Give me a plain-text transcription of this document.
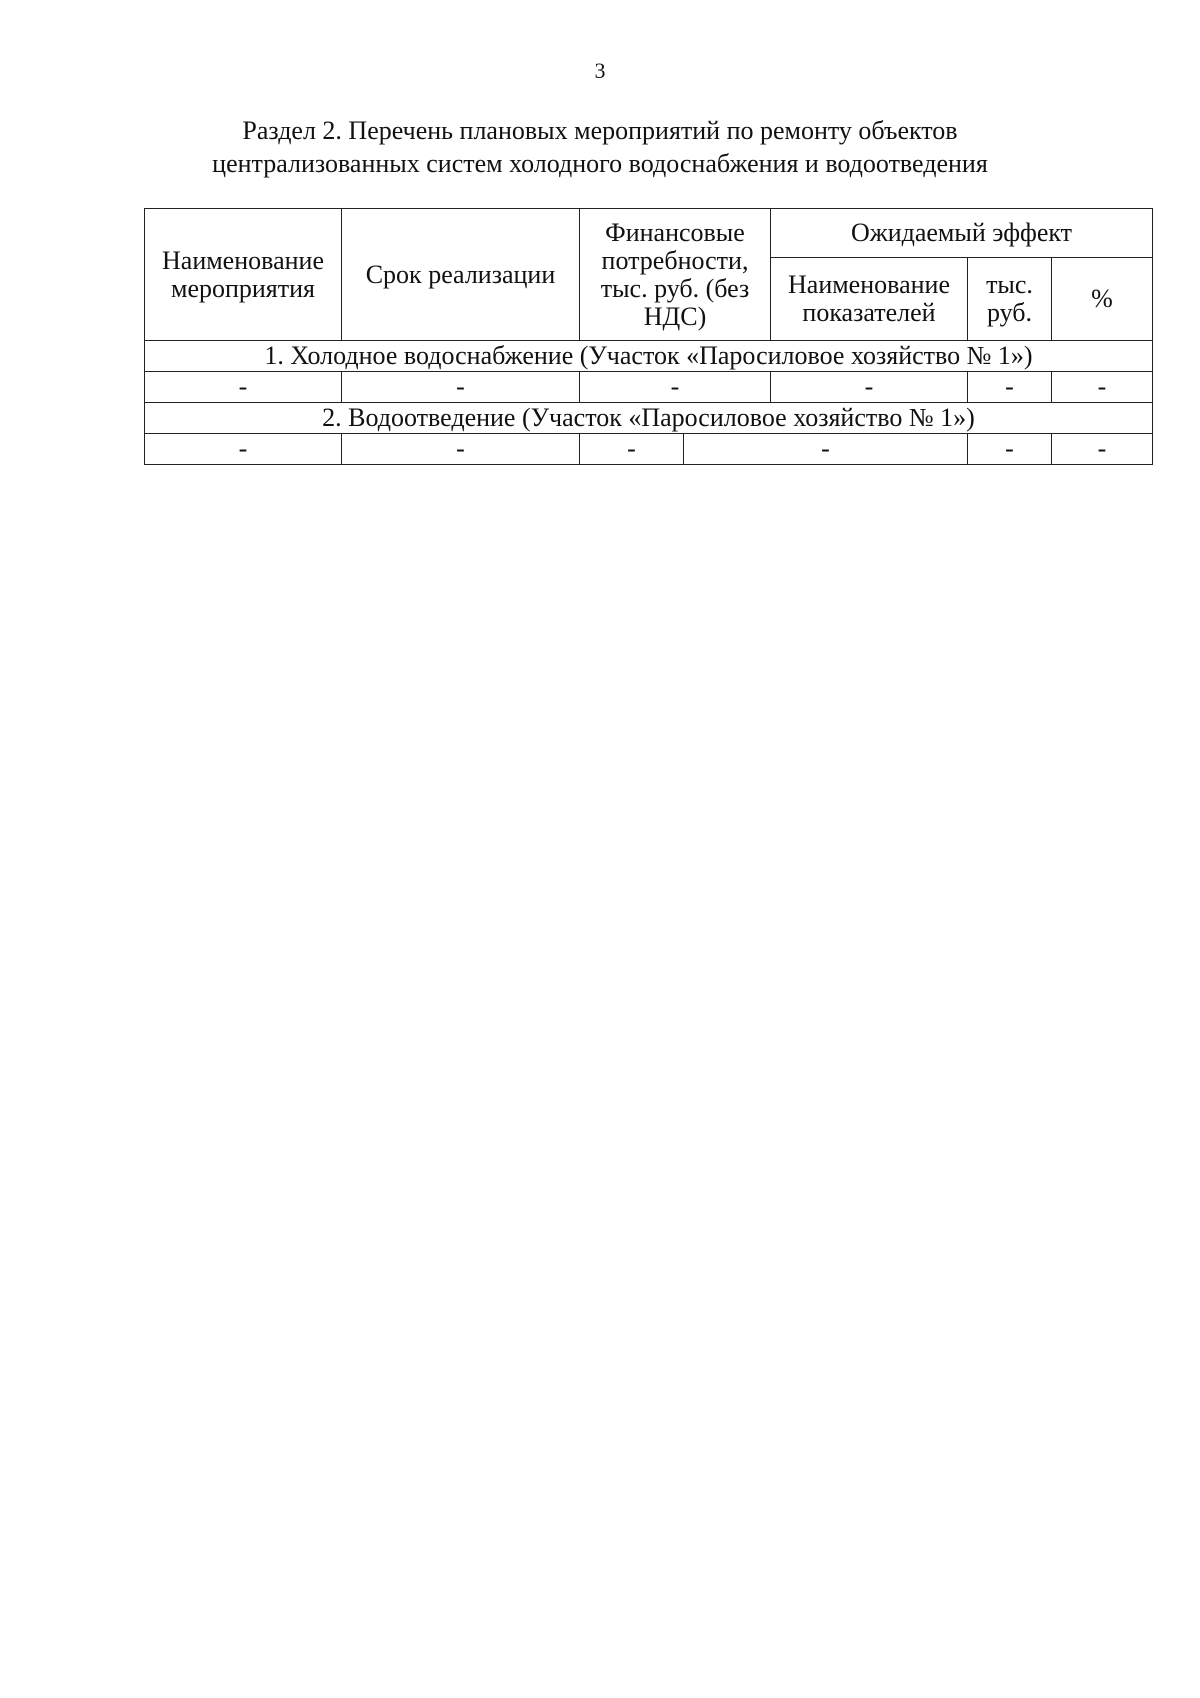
3
Раздел 2. Перечень плановых мероприятий по ремонту объектов
централизованных систем холодного водоснабжения и водоотведения
Наименование мероприятия	Срок реализации	Финансовые потребности, тыс. руб. (без НДС)		Ожидаемый эффект		
				Наименование показателей	тыс. руб.	%
1. Холодное водоснабжение (Участок «Паросиловое хозяйство № 1»)						
-	-	-		-	-	-
2. Водоотведение (Участок «Паросиловое хозяйство № 1»)						
-	-	-	-		-	-
